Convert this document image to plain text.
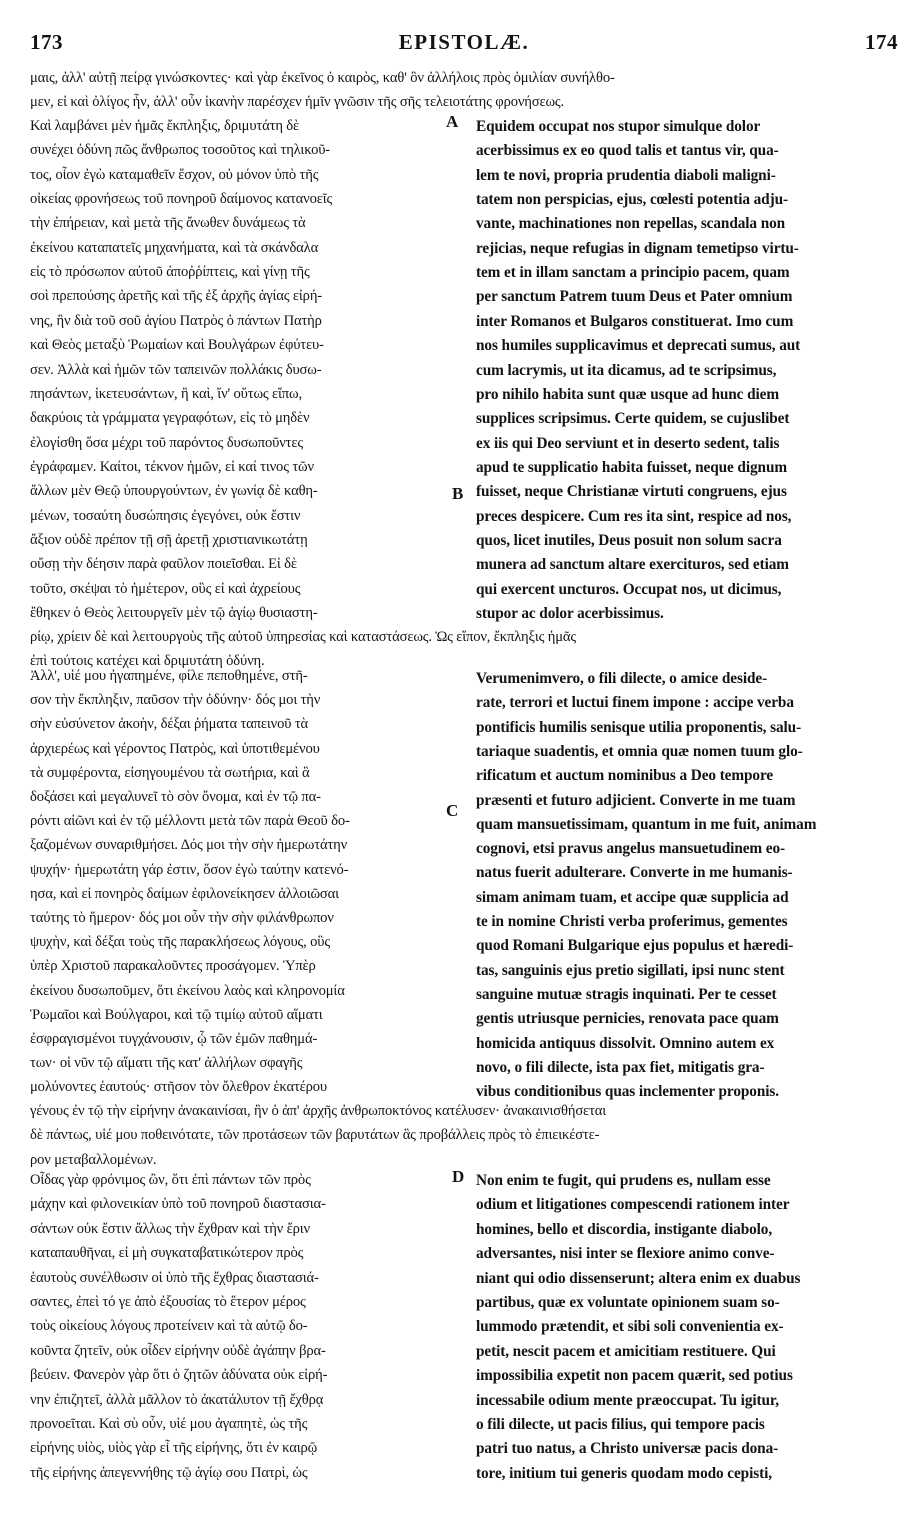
173	EPISTOLÆ.	174
μαις, ἀλλ' αὐτῇ πείρᾳ γινώσκοντες· καὶ γὰρ ἐκεῖνος ὁ καιρὸς, καθ' ὃν ἀλλήλοις πρὸς ὁμιλίαν συνήλθο-
μεν, εἰ καὶ ὀλίγος ἦν, ἀλλ' οὖν ἱκανὴν παρέσχεν ἡμῖν γνῶσιν τῆς σῆς τελειοτάτης φρονήσεως.
Καὶ λαμβάνει μὲν ἡμᾶς ἔκπληξις, δριμυτάτη δὲ
συνέχει ὀδύνη πῶς ἄνθρωπος τοσοῦτος καὶ τηλικοῦ-
τος, οἷον ἐγὼ καταμαθεῖν ἔσχον, οὐ μόνον ὑπὸ τῆς
οἰκείας φρονήσεως τοῦ πονηροῦ δαίμονος κατανοεῖς
τὴν ἐπήρειαν, καὶ μετὰ τῆς ἄνωθεν δυνάμεως τὰ
ἐκείνου καταπατεῖς μηχανήματα, καὶ τὰ σκάνδαλα
εἰς τὸ πρόσωπον αὐτοῦ ἀποῤῥίπτεις, καὶ γίνῃ τῆς
σοὶ πρεπούσης ἀρετῆς καὶ τῆς ἐξ ἀρχῆς ἁγίας εἰρή-
νης, ἣν διὰ τοῦ σοῦ ἁγίου Πατρὸς ὁ πάντων Πατὴρ
καὶ Θεὸς μεταξὺ Ῥωμαίων καὶ Βουλγάρων ἐφύτευ-
σεν. Ἀλλὰ καὶ ἡμῶν τῶν ταπεινῶν πολλάκις δυσω-
πησάντων, ἱκετευσάντων, ἢ καὶ, ἵν' οὕτως εἴπω,
δακρύοις τὰ γράμματα γεγραφότων, εἰς τὸ μηδὲν
ἐλογίσθη ὅσα μέχρι τοῦ παρόντος δυσωποῦντες
ἐγράφαμεν. Καίτοι, τέκνον ἡμῶν, εἰ καί τινος τῶν
ἄλλων μὲν Θεῷ ὑπουργούντων, ἐν γωνίᾳ δὲ καθη-
μένων, τοσαύτη δυσώπησις ἐγεγόνει, οὐκ ἔστιν
ἄξιον οὐδὲ πρέπον τῇ σῇ ἀρετῇ χριστιανικωτάτῃ
οὔσῃ τὴν δέησιν παρὰ φαῦλον ποιεῖσθαι. Εἰ δὲ
τοῦτο, σκέψαι τὸ ἡμέτερον, οὓς εἰ καὶ ἀχρείους
ἔθηκεν ὁ Θεὸς λειτουργεῖν μὲν τῷ ἁγίῳ θυσιαστη-
Equidem occupat nos stupor simulque dolor
acerbissimus ex eo quod talis et tantus vir, qua-
lem te novi, propria prudentia diaboli maligni-
tatem non perspicias, ejus, cœlesti potentia adju-
vante, machinationes non repellas, scandala non
rejicias, neque refugias in dignam temetipso virtu-
tem et in illam sanctam a principio pacem, quam
per sanctum Patrem tuum Deus et Pater omnium
inter Romanos et Bulgaros constituerat. Imo cum
nos humiles supplicavimus et deprecati sumus, aut
cum lacrymis, ut ita dicamus, ad te scripsimus,
pro nihilo habita sunt quæ usque ad hunc diem
supplices scripsimus. Certe quidem, se cujuslibet
ex iis qui Deo serviunt et in deserto sedent, talis
apud te supplicatio habita fuisset, neque dignum
fuisset, neque Christianæ virtuti congruens, ejus
preces despicere. Cum res ita sint, respice ad nos,
quos, licet inutiles, Deus posuit non solum sacra
munera ad sanctum altare exerciturοs, sed etiam
qui exercent uncturos. Occupat nos, ut dicimus,
stupor ac dolor acerbissimus.
ρίῳ, χρίειν δὲ καὶ λειτουργοὺς τῆς αὐτοῦ ὑπηρεσίας καὶ καταστάσεως. Ὡς εἴπον, ἔκπληξις ἡμᾶς
ἐπὶ τούτοις κατέχει καὶ δριμυτάτη ὀδύνη.
Ἀλλ', υἱέ μου ἠγαπημένε, φίλε πεποθημένε, στῆ-
σον τὴν ἔκπληξιν, παῦσον τὴν ὀδύνην· δός μοι τὴν
σὴν εὐσύνετον ἀκοὴν, δέξαι ῥήματα ταπεινοῦ τὰ
ἀρχιερέως καὶ γέροντος Πατρὸς, καὶ ὑποτιθεμένου
τὰ συμφέροντα, εἰσηγουμένου τὰ σωτήρια, καὶ ἃ
δοξάσει καὶ μεγαλυνεῖ τὸ σὸν ὄνομα, καὶ ἐν τῷ πα-
ρόντι αἰῶνι καὶ ἐν τῷ μέλλοντι μετὰ τῶν παρὰ Θεοῦ δο-
ξαζομένων συναριθμήσει. Δός μοι τὴν σὴν ἡμερωτάτην
ψυχήν· ἡμερωτάτη γάρ ἐστιν, ὅσον ἐγὼ ταύτην κατενό-
ησα, καὶ εἰ πονηρὸς δαίμων ἐφιλονείκησεν ἀλλοιῶσαι
ταύτης τὸ ἥμερον· δός μοι οὖν τὴν σὴν φιλάνθρωπον
ψυχὴν, καὶ δέξαι τοὺς τῆς παρακλήσεως λόγους, οὓς
ὑπὲρ Χριστοῦ παρακαλοῦντες προσάγομεν. Ὑπὲρ
ἐκείνου δυσωποῦμεν, ὅτι ἐκείνου λαὸς καὶ κληρονομία
Ῥωμαῖοι καὶ Βούλγαροι, καὶ τῷ τιμίῳ αὐτοῦ αἵματι
ἐσφραγισμένοι τυγχάνουσιν, ᾧ τῶν ἐμῶν παθημά-
των· οἱ νῦν τῷ αἵματι τῆς κατ' ἀλλήλων σφαγῆς
μολύνοντες ἑαυτούς· στῆσον τὸν ὄλεθρον ἑκατέρου
Verumenimvero, o fili dilecte, o amice deside-
rate, terrori et luctui finem impone : accipe verba
pontificis humilis senisque utilia proponentis, salu-
tariaque suadentis, et omnia quæ nomen tuum glo-
rificatum et auctum nominibus a Deo tempore
præsenti et futuro adjicient. Converte in me tuam
quam mansuetissimam, quantum in me fuit, animam
cognovi, etsi pravus angelus mansuetudinem eo-
natus fuerit adulterare. Converte in me humanis-
simam animam tuam, et accipe quæ supplicia ad
te in nomine Christi verba proferimus, gementes
quod Romani Bulgarique ejus populus et hæredi-
tas, sanguinis ejus pretio sigillati, ipsi nunc stent
sanguine mutuæ stragis inquinati. Per te cesset
gentis utriusque pernicies, renovata pace quam
homicida antiquus dissolvit. Omnino autem ex
novo, o fili dilecte, ista pax fiet, mitigatis gra-
vibus conditionibus quas inclementer proponis.
γένους ἐν τῷ τὴν εἰρήνην ἀνακαινίσαι, ἣν ὁ ἀπ' ἀρχῆς ἀνθρωποκτόνος κατέλυσεν· ἀνακαινισθήσεται
δὲ πάντως, υἱέ μου ποθεινότατε, τῶν προτάσεων τῶν βαρυτάτων ἃς προβάλλεις πρὸς τὸ ἐπιεικέστε-
ρον μεταβαλλομένων.
Οἶδας γὰρ φρόνιμος ὢν, ὅτι ἐπὶ πάντων τῶν πρὸς
μάχην καὶ φιλονεικίαν ὑπὸ τοῦ πονηροῦ διαστασια-
σάντων οὐκ ἔστιν ἄλλως τὴν ἔχθραν καὶ τὴν ἔριν
καταπαυθῆναι, εἰ μὴ συγκαταβατικώτερον πρὸς
ἑαυτοὺς συνέλθωσιν οἱ ὑπὸ τῆς ἔχθρας διαστασιά-
σαντες, ἐπεὶ τό γε ἀπὸ ἐξουσίας τὸ ἕτερον μέρος
τοὺς οἰκείους λόγους προτείνειν καὶ τὰ αὐτῷ δο-
κοῦντα ζητεῖν, οὐκ οἶδεν εἰρήνην οὐδὲ ἀγάπην βρα-
βεύειν. Φανερὸν γὰρ ὅτι ὁ ζητῶν ἀδύνατα οὐκ εἰρή-
νην ἐπιζητεῖ, ἀλλὰ μᾶλλον τὸ ἀκατάλυτον τῇ ἔχθρᾳ
προνοεῖται. Καὶ σὺ οὖν, υἱέ μου ἀγαπητὲ, ὡς τῆς
εἰρήνης υἱὸς, υἱὸς γὰρ εἶ τῆς εἰρήνης, ὅτι ἐν καιρῷ
τῆς εἰρήνης ἀπεγεννήθης τῷ ἁγίῳ σου Πατρὶ, ὡς
Non enim te fugit, qui prudens es, nullam esse
odium et litigationes compescendi rationem inter
homines, bello et discordia, instigante diabolo,
adversantes, nisi inter se flexiore animo conve-
niant qui odio dissenserunt; altera enim ex duabus
partibus, quæ ex voluntate opinionem suam so-
lummodo prætendit, et sibi soli convenientia ex-
petit, nescit pacem et amicitiam restituere. Qui
impossibilia expetit non pacem quærit, sed potius
incessabile odium mente præoccupat. Tu igitur,
o fili dilecte, ut pacis filius, qui tempore pacis
patri tuo natus, a Christo universæ pacis dona-
tore, initium tui generis quodam modo cepisti,
A
B
C
D
